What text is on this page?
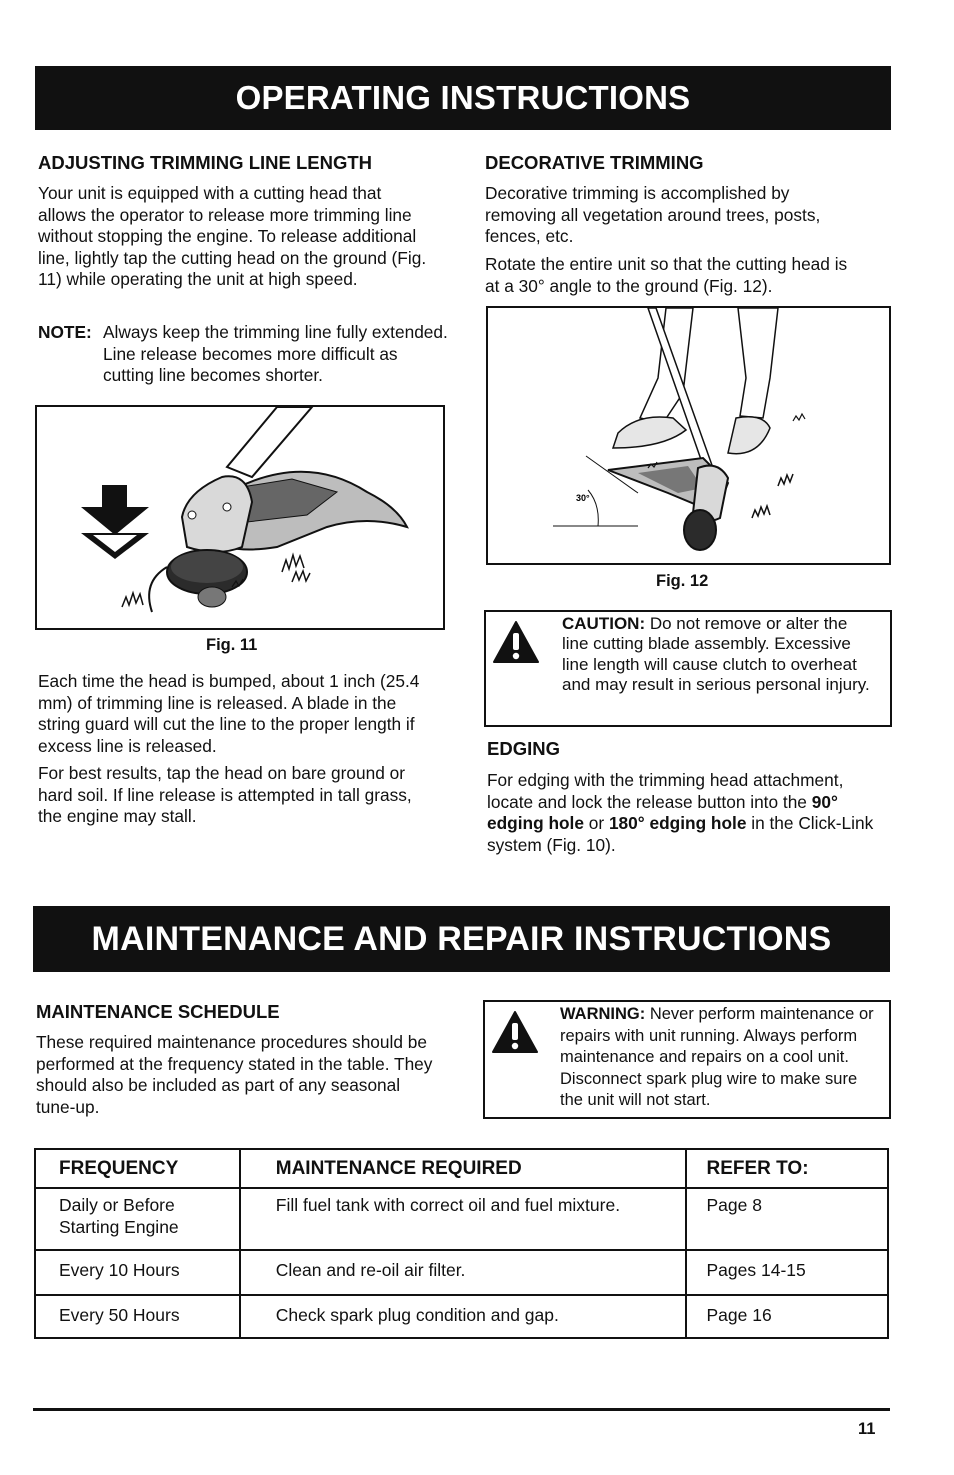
OPERATING INSTRUCTIONS
ADJUSTING TRIMMING LINE LENGTH

Your unit is equipped with a cutting head that allows the operator to release more trimming line without stopping the engine. To release additional line, lightly tap the cutting head on the ground (Fig. 11) while operating the unit at high speed.

NOTE: Always keep the trimming line fully extended. Line release becomes more difficult as cutting line becomes shorter.
Fig. 11

Each time the head is bumped, about 1 inch (25.4 mm) of trimming line is released. A blade in the string guard will cut the line to the proper length if excess line is released.

For best results, tap the head on bare ground or hard soil. If line release is attempted in tall grass, the engine may stall.

DECORATIVE TRIMMING

Decorative trimming is accomplished by removing all vegetation around trees, posts, fences, etc.

Rotate the entire unit so that the cutting head is at a 30° angle to the ground (Fig. 12).

30°
Fig. 12
CAUTION: Do not remove or alter the line cutting blade assembly. Excessive line length will cause clutch to overheat and may result in serious personal injury.
EDGING

For edging with the trimming head attachment, locate and lock the release button into the 90° edging hole or 180° edging hole in the Click-Link system (Fig. 10).

MAINTENANCE AND REPAIR INSTRUCTIONS
MAINTENANCE SCHEDULE

These required maintenance procedures should be performed at the frequency stated in the table. They should also be included as part of any seasonal tune-up.

WARNING: Never perform maintenance or repairs with unit running. Always perform maintenance and repairs on a cool unit. Disconnect spark plug wire to make sure the unit will not start.
FREQUENCY	MAINTENANCE REQUIRED	REFER TO:
Daily or Before Starting Engine	Fill fuel tank with correct oil and fuel mixture.	Page 8
Every 10 Hours	Clean and re-oil air filter.	Pages 14-15
Every 50 Hours	Check spark plug condition and gap.	Page 16
11
